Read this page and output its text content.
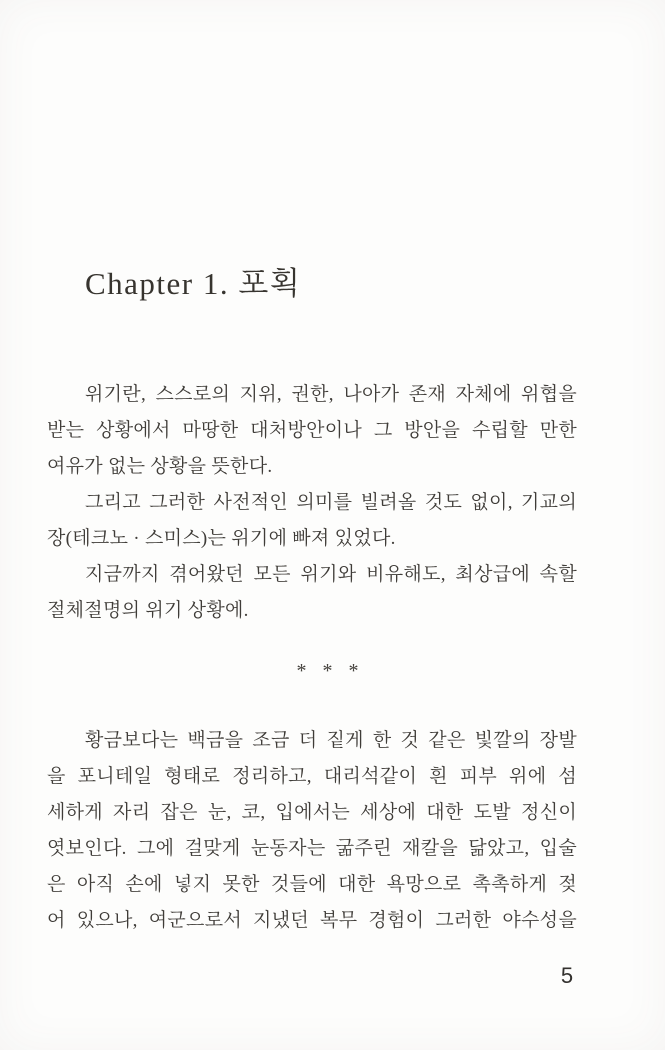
Chapter 1. 포획
위기란, 스스로의 지위, 권한, 나아가 존재 자체에 위협을
받는 상황에서 마땅한 대처방안이나 그 방안을 수립할 만한
여유가 없는 상황을 뜻한다.
그리고 그러한 사전적인 의미를 빌려올 것도 없이, 기교의
장(테크노 · 스미스)는 위기에 빠져 있었다.
지금까지 겪어왔던 모든 위기와 비유해도, 최상급에 속할
절체절명의 위기 상황에.
* * *
황금보다는 백금을 조금 더 짙게 한 것 같은 빛깔의 장발
을 포니테일 형태로 정리하고, 대리석같이 흰 피부 위에 섬
세하게 자리 잡은 눈, 코, 입에서는 세상에 대한 도발 정신이
엿보인다. 그에 걸맞게 눈동자는 굶주린 재칼을 닮았고, 입술
은 아직 손에 넣지 못한 것들에 대한 욕망으로 촉촉하게 젖
어 있으나, 여군으로서 지냈던 복무 경험이 그러한 야수성을
5
